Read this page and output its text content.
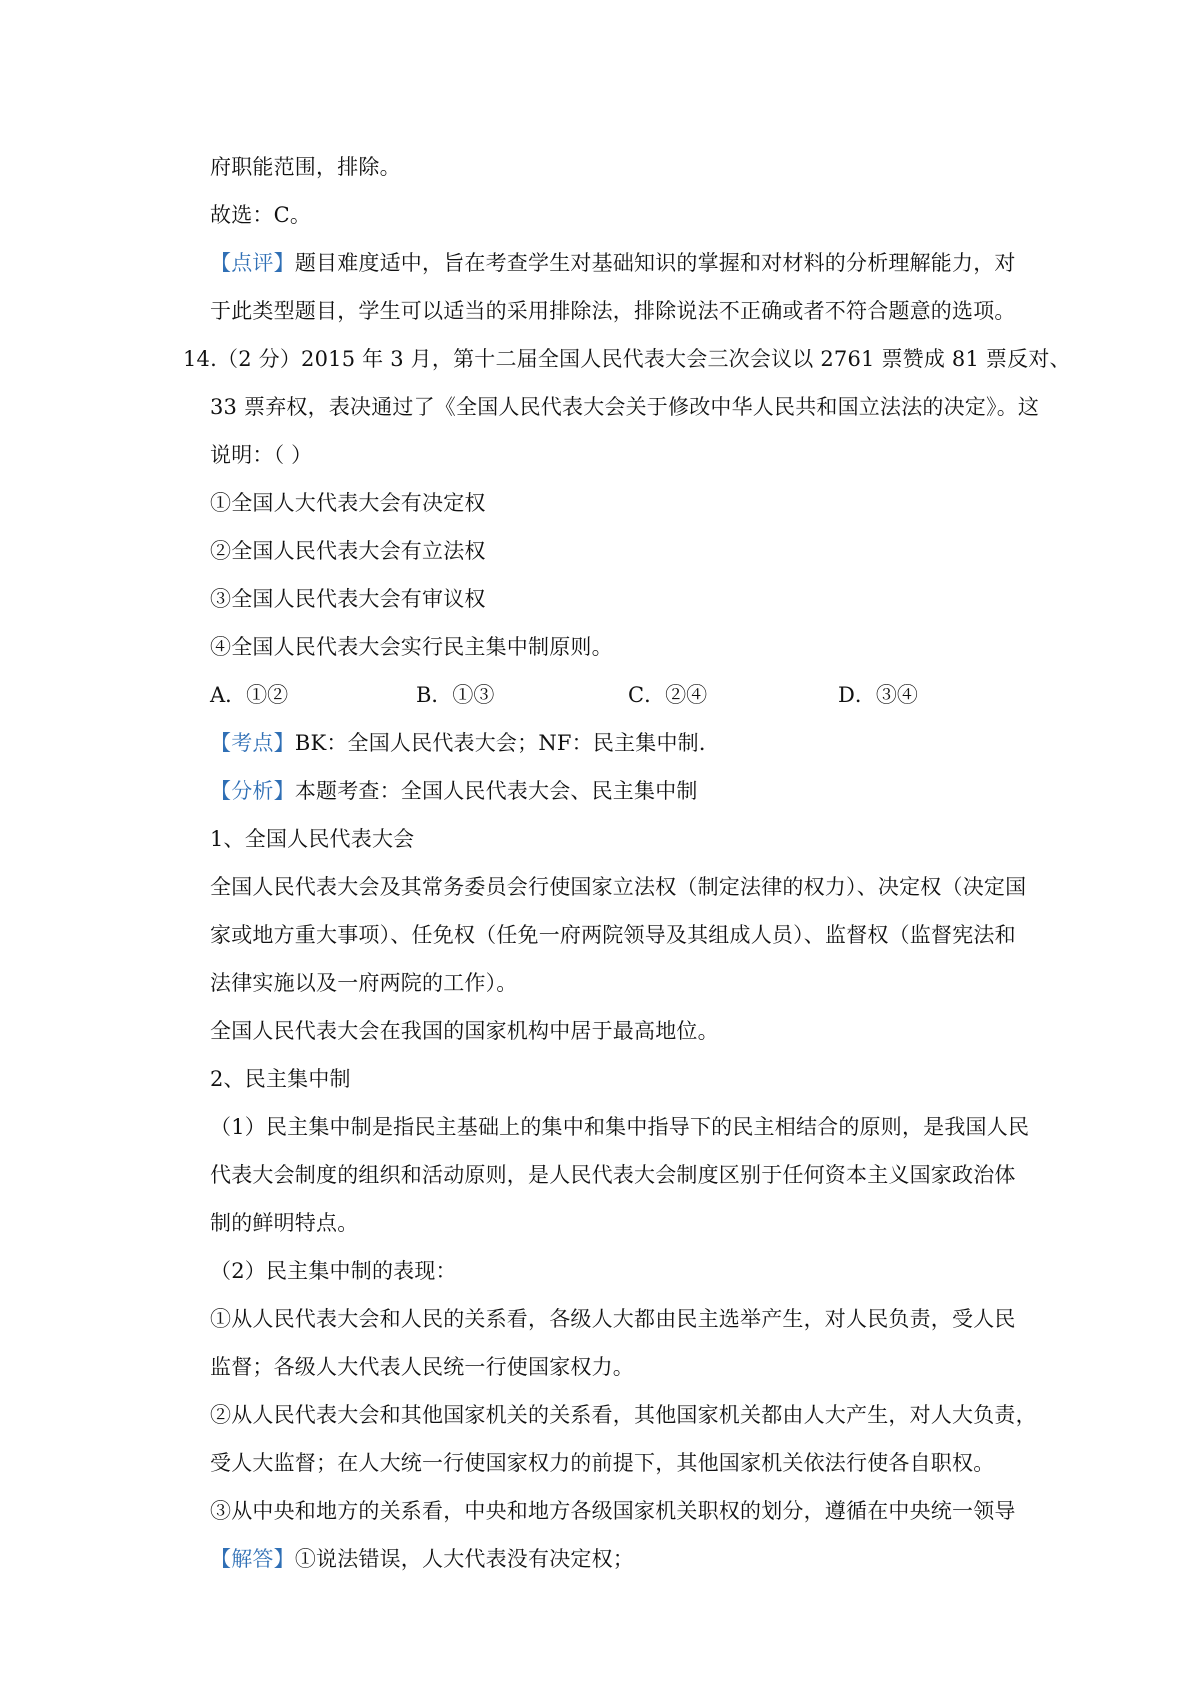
府职能范围，排除。
故选：C。
【点评】题目难度适中，旨在考查学生对基础知识的掌握和对材料的分析理解能力，对
于此类型题目，学生可以适当的采用排除法，排除说法不正确或者不符合题意的选项。
14.（2 分）2015 年 3 月，第十二届全国人民代表大会三次会议以 2761 票赞成 81 票反对、
33 票弃权，表决通过了《全国人民代表大会关于修改中华人民共和国立法法的决定》。这
说明：（ ）
①全国人大代表大会有决定权
②全国人民代表大会有立法权
③全国人民代表大会有审议权
④全国人民代表大会实行民主集中制原则。
A．①②	B．①③	C．②④	D．③④
【考点】BK：全国人民代表大会；NF：民主集中制．
【分析】本题考查：全国人民代表大会、民主集中制
1、全国人民代表大会
全国人民代表大会及其常务委员会行使国家立法权（制定法律的权力）、决定权（决定国
家或地方重大事项）、任免权（任免一府两院领导及其组成人员）、监督权（监督宪法和
法律实施以及一府两院的工作）。
全国人民代表大会在我国的国家机构中居于最高地位。
2、民主集中制
（1）民主集中制是指民主基础上的集中和集中指导下的民主相结合的原则，是我国人民
代表大会制度的组织和活动原则，是人民代表大会制度区别于任何资本主义国家政治体
制的鲜明特点。
（2）民主集中制的表现：
①从人民代表大会和人民的关系看，各级人大都由民主选举产生，对人民负责，受人民
监督；各级人大代表人民统一行使国家权力。
②从人民代表大会和其他国家机关的关系看，其他国家机关都由人大产生，对人大负责，
受人大监督；在人大统一行使国家权力的前提下，其他国家机关依法行使各自职权。
③从中央和地方的关系看，中央和地方各级国家机关职权的划分，遵循在中央统一领导
【解答】①说法错误，人大代表没有决定权；
